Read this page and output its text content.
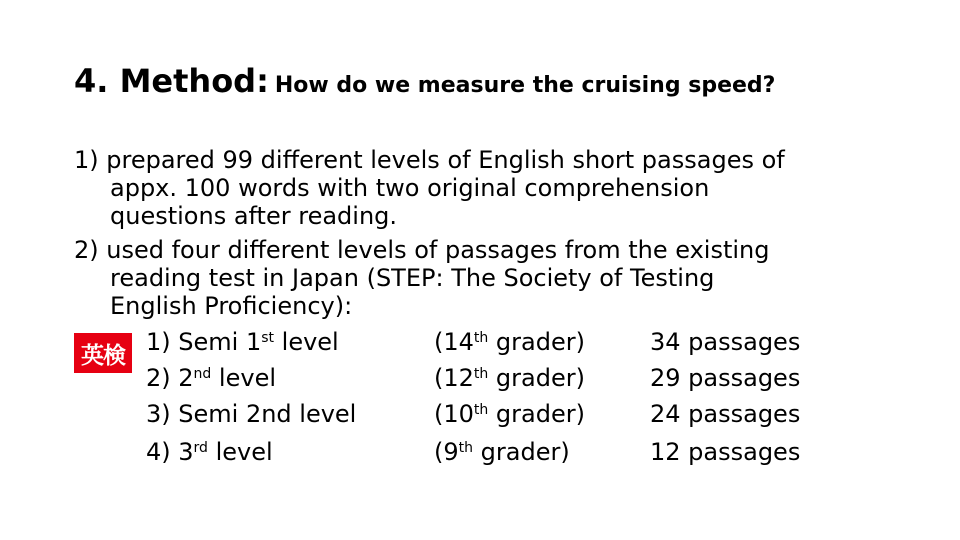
4. Method: How do we measure the cruising speed?
1) prepared 99 different levels of English short passages of
appx. 100 words with two original comprehension
questions after reading.
2) used four different levels of passages from the existing
reading test in Japan (STEP: The Society of Testing
English Proficiency):
英検 1) Semi 1st level	(14th grader)	34 passages
2) 2nd level	(12th grader)	29 passages
3) Semi 2nd level	(10th grader)	24 passages
4) 3rd level	(9th grader)	12 passages
